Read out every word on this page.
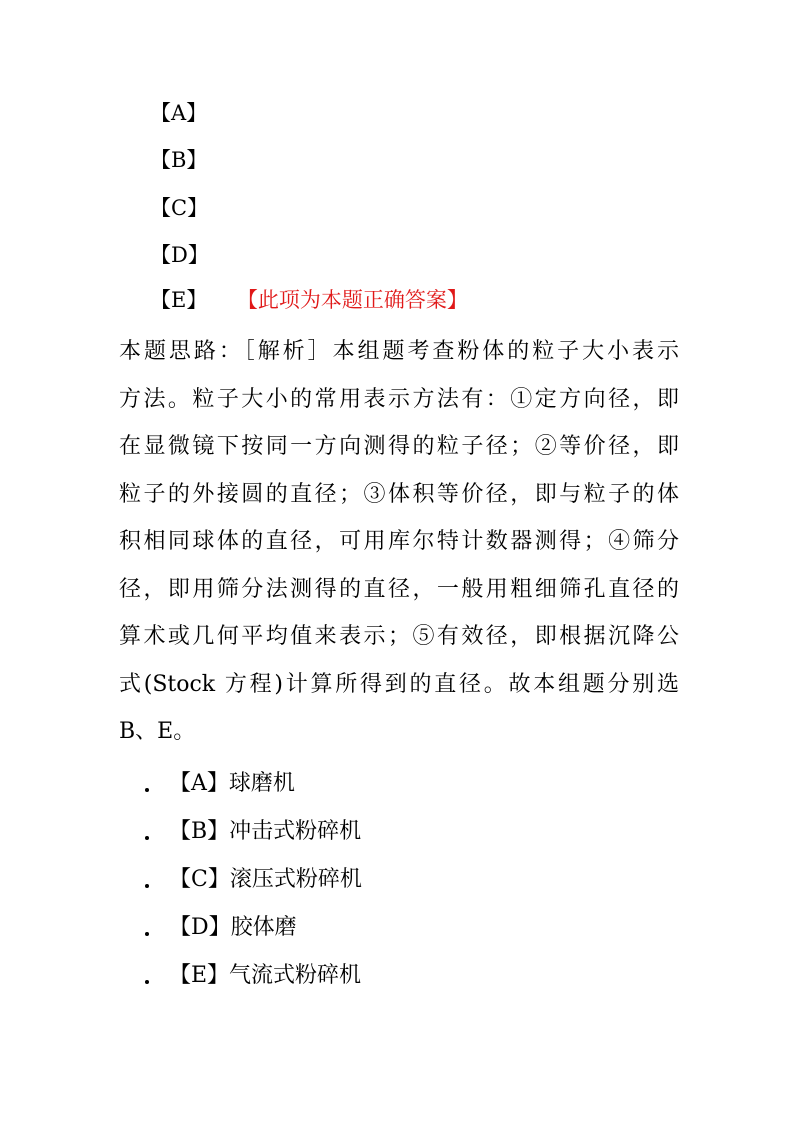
【A】
【B】
【C】
【D】
【E】 【此项为本题正确答案】
本题思路：［解析］本组题考查粉体的粒子大小表示
方法。粒子大小的常用表示方法有：①定方向径，即
在显微镜下按同一方向测得的粒子径；②等价径，即
粒子的外接圆的直径；③体积等价径，即与粒子的体
积相同球体的直径，可用库尔特计数器测得；④筛分
径，即用筛分法测得的直径，一般用粗细筛孔直径的
算术或几何平均值来表示；⑤有效径，即根据沉降公
式(Stock 方程)计算所得到的直径。故本组题分别选
B、E。
【A】球磨机
【B】冲击式粉碎机
【C】滚压式粉碎机
【D】胶体磨
【E】气流式粉碎机
